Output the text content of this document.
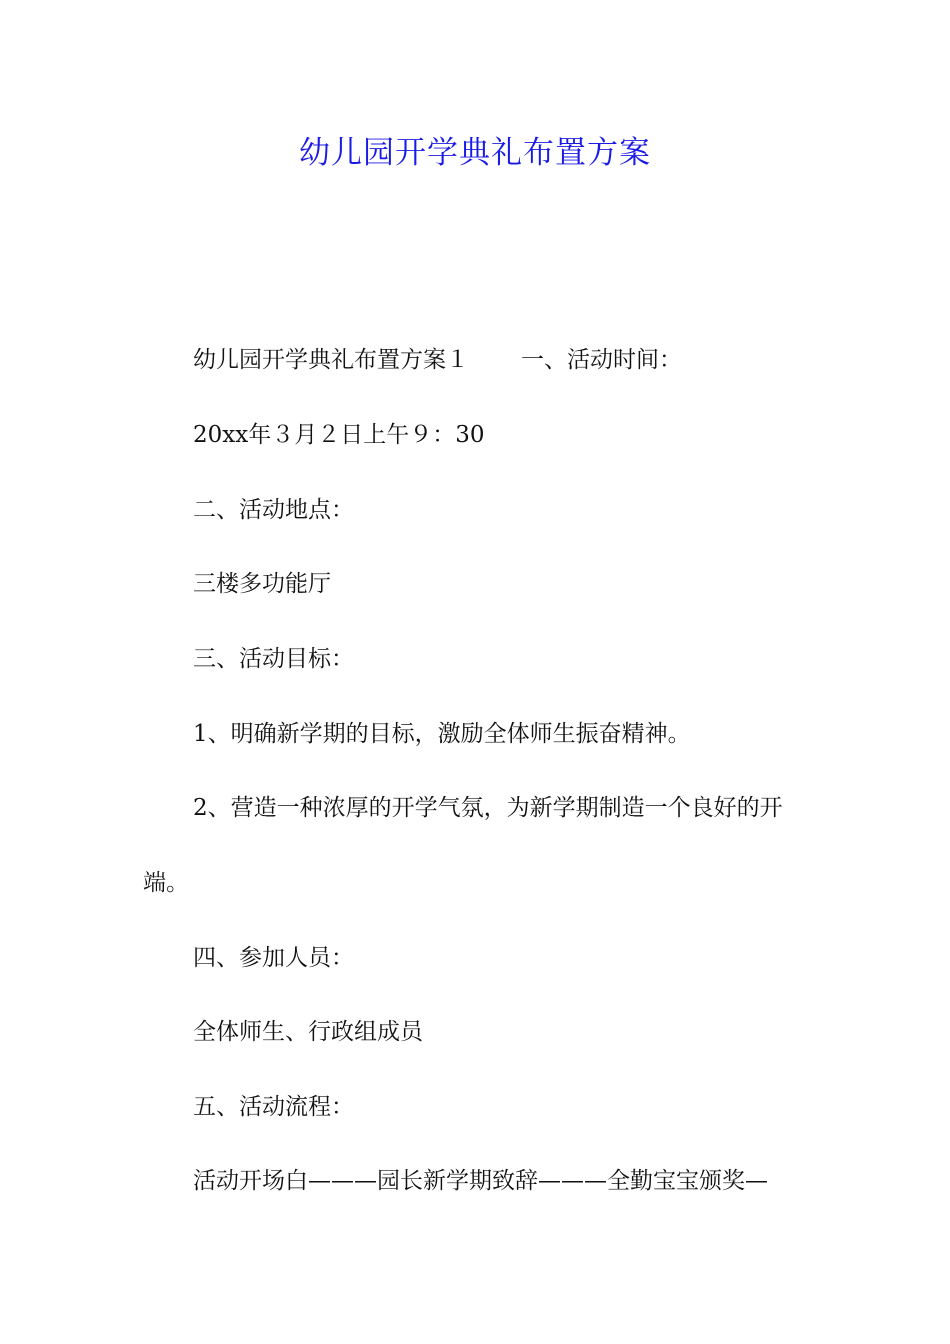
幼儿园开学典礼布置方案
幼儿园开学典礼布置方案１ 一、活动时间：
20xx年３月２日上午９：30
二、活动地点：
三楼多功能厅
三、活动目标：
1、明确新学期的目标，激励全体师生振奋精神。
2、营造一种浓厚的开学气氛，为新学期制造一个良好的开
端。
四、参加人员：
全体师生、行政组成员
五、活动流程：
活动开场白———园长新学期致辞———全勤宝宝颁奖—
